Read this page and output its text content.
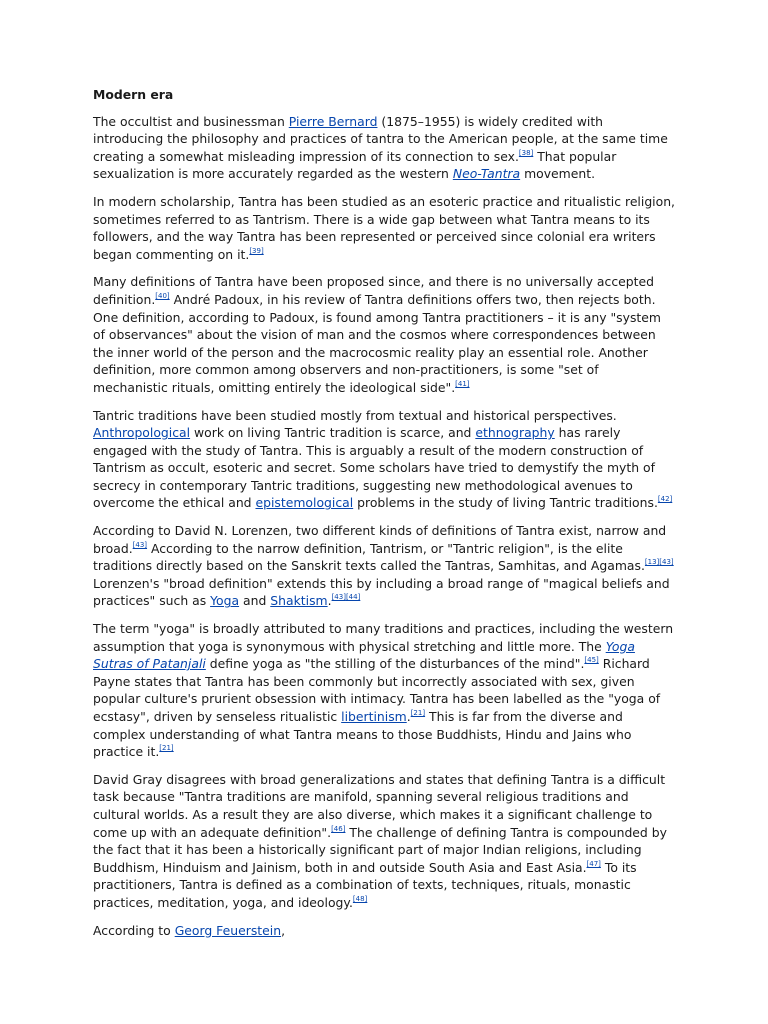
Modern era

The occultist and businessman Pierre Bernard (1875–1955) is widely credited with introducing the philosophy and practices of tantra to the American people, at the same time creating a somewhat misleading impression of its connection to sex.[38] That popular sexualization is more accurately regarded as the western Neo-Tantra movement.

In modern scholarship, Tantra has been studied as an esoteric practice and ritualistic religion, sometimes referred to as Tantrism. There is a wide gap between what Tantra means to its followers, and the way Tantra has been represented or perceived since colonial era writers began commenting on it.[39]

Many definitions of Tantra have been proposed since, and there is no universally accepted definition.[40] André Padoux, in his review of Tantra definitions offers two, then rejects both. One definition, according to Padoux, is found among Tantra practitioners – it is any "system of observances" about the vision of man and the cosmos where correspondences between the inner world of the person and the macrocosmic reality play an essential role. Another definition, more common among observers and non-practitioners, is some "set of mechanistic rituals, omitting entirely the ideological side".[41]

Tantric traditions have been studied mostly from textual and historical perspectives. Anthropological work on living Tantric tradition is scarce, and ethnography has rarely engaged with the study of Tantra. This is arguably a result of the modern construction of Tantrism as occult, esoteric and secret. Some scholars have tried to demystify the myth of secrecy in contemporary Tantric traditions, suggesting new methodological avenues to overcome the ethical and epistemological problems in the study of living Tantric traditions.[42]

According to David N. Lorenzen, two different kinds of definitions of Tantra exist, narrow and broad.[43] According to the narrow definition, Tantrism, or "Tantric religion", is the elite traditions directly based on the Sanskrit texts called the Tantras, Samhitas, and Agamas.[13][43] Lorenzen's "broad definition" extends this by including a broad range of "magical beliefs and practices" such as Yoga and Shaktism.[43][44]

The term "yoga" is broadly attributed to many traditions and practices, including the western assumption that yoga is synonymous with physical stretching and little more. The Yoga Sutras of Patanjali define yoga as "the stilling of the disturbances of the mind".[45] Richard Payne states that Tantra has been commonly but incorrectly associated with sex, given popular culture's prurient obsession with intimacy. Tantra has been labelled as the "yoga of ecstasy", driven by senseless ritualistic libertinism.[21] This is far from the diverse and complex understanding of what Tantra means to those Buddhists, Hindu and Jains who practice it.[21]

David Gray disagrees with broad generalizations and states that defining Tantra is a difficult task because "Tantra traditions are manifold, spanning several religious traditions and cultural worlds. As a result they are also diverse, which makes it a significant challenge to come up with an adequate definition".[46] The challenge of defining Tantra is compounded by the fact that it has been a historically significant part of major Indian religions, including Buddhism, Hinduism and Jainism, both in and outside South Asia and East Asia.[47] To its practitioners, Tantra is defined as a combination of texts, techniques, rituals, monastic practices, meditation, yoga, and ideology.[48]

According to Georg Feuerstein,
